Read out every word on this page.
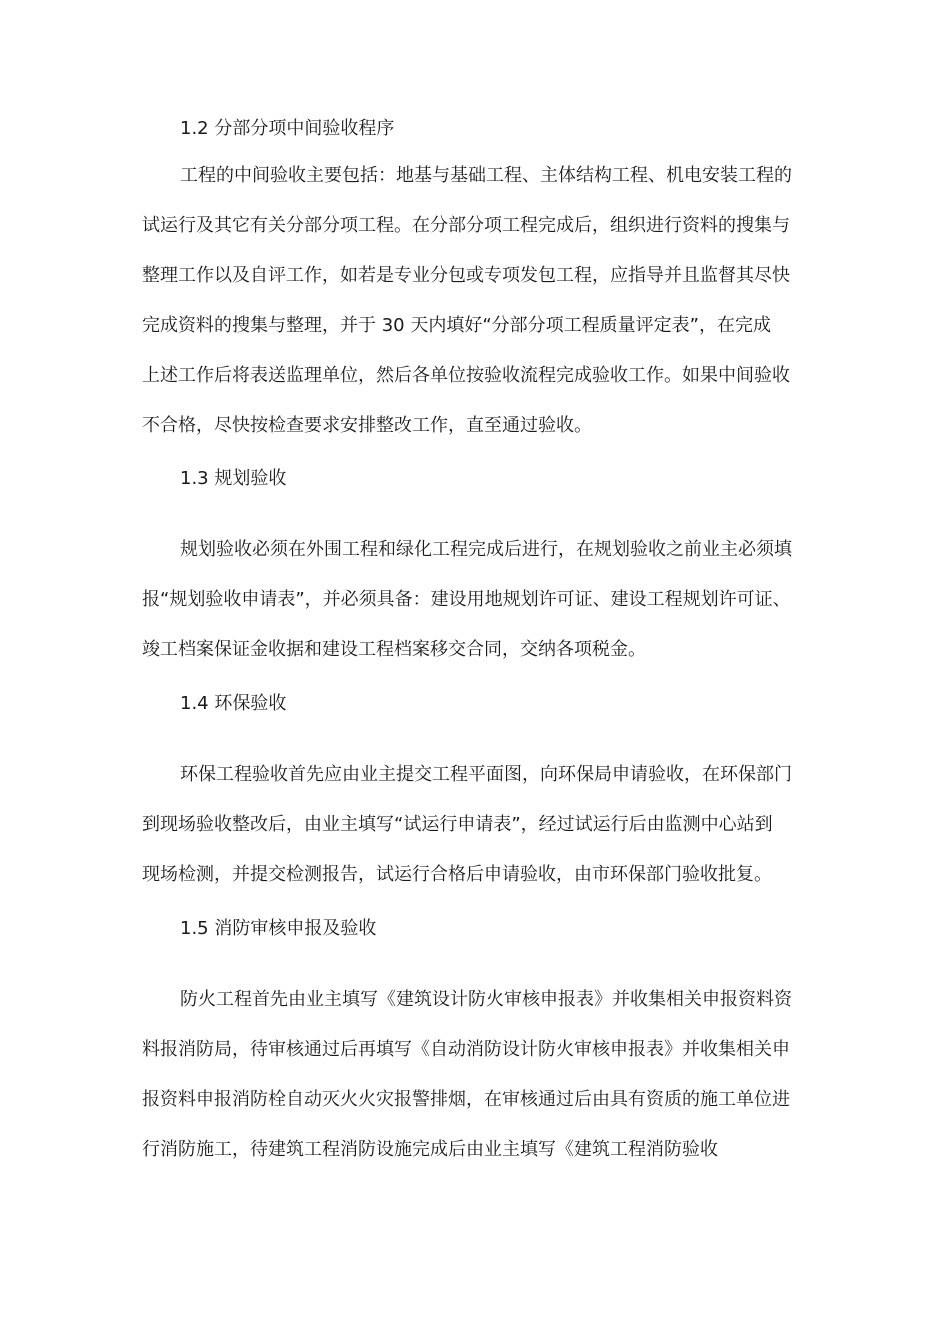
1.2 分部分项中间验收程序
工程的中间验收主要包括：地基与基础工程、主体结构工程、机电安装工程的
试运行及其它有关分部分项工程。在分部分项工程完成后，组织进行资料的搜集与
整理工作以及自评工作，如若是专业分包或专项发包工程，应指导并且监督其尽快
完成资料的搜集与整理，并于 30 天内填好“分部分项工程质量评定表”，在完成
上述工作后将表送监理单位，然后各单位按验收流程完成验收工作。如果中间验收
不合格，尽快按检查要求安排整改工作，直至通过验收。
1.3 规划验收
规划验收必须在外围工程和绿化工程完成后进行，在规划验收之前业主必须填
报“规划验收申请表”，并必须具备：建设用地规划许可证、建设工程规划许可证、
竣工档案保证金收据和建设工程档案移交合同，交纳各项税金。
1.4 环保验收
环保工程验收首先应由业主提交工程平面图，向环保局申请验收，在环保部门
到现场验收整改后，由业主填写“试运行申请表”，经过试运行后由监测中心站到
现场检测，并提交检测报告，试运行合格后申请验收，由市环保部门验收批复。
1.5 消防审核申报及验收
防火工程首先由业主填写《建筑设计防火审核申报表》并收集相关申报资料资
料报消防局，待审核通过后再填写《自动消防设计防火审核申报表》并收集相关申
报资料申报消防栓自动灭火火灾报警排烟，在审核通过后由具有资质的施工单位进
行消防施工，待建筑工程消防设施完成后由业主填写《建筑工程消防验收
